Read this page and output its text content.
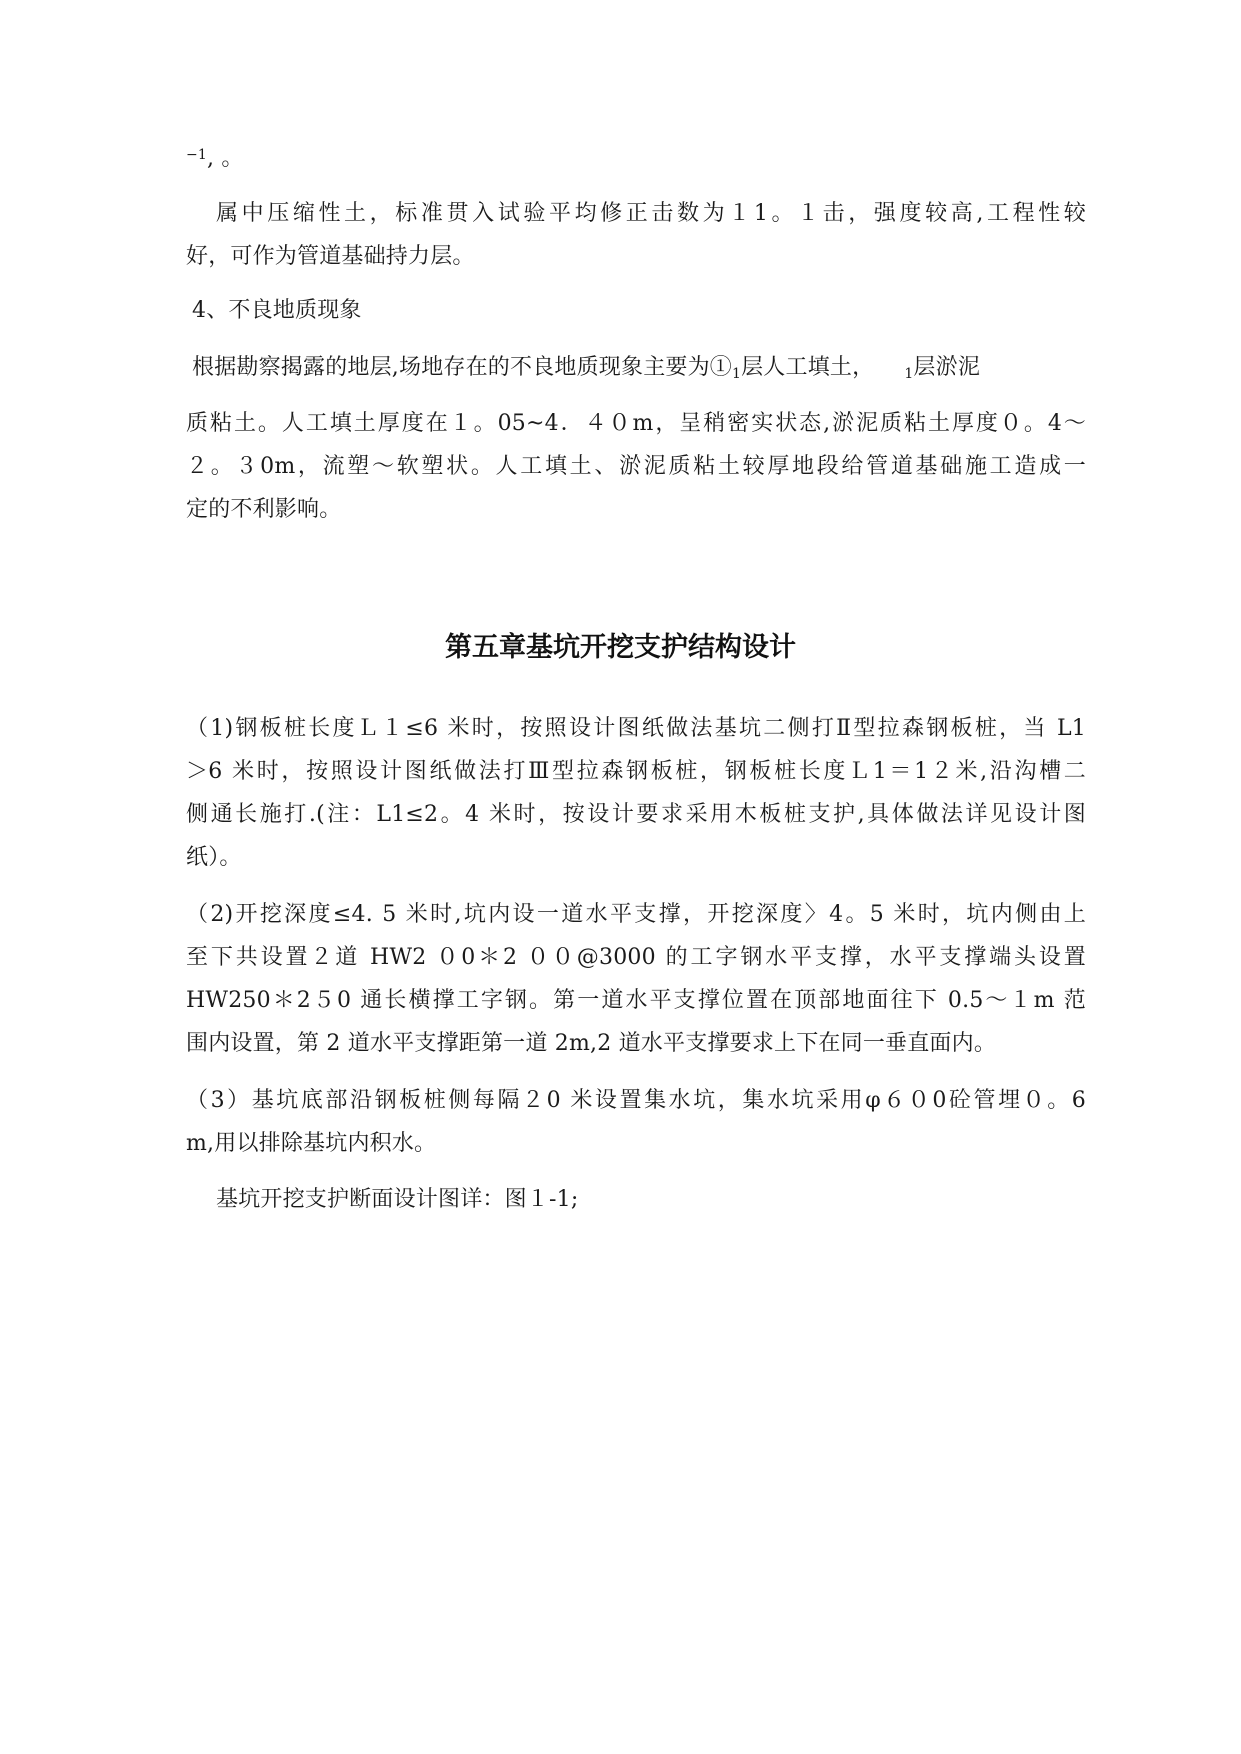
$^{-1}$, 。
属中压缩性土，标准贯入试验平均修正击数为１1。１击，强度较高,工程性较
好，可作为管道基础持力层。
4、不良地质现象
根据勘察揭露的地层,场地存在的不良地质现象主要为$①_1$层人工填土， $_1$层淤泥
质粘土。人工填土厚度在１。05~4．４０m，呈稍密实状态,淤泥质粘土厚度０。4～
２。３0m，流塑～软塑状。人工填土、淤泥质粘土较厚地段给管道基础施工造成一
定的不利影响。
第五章基坑开挖支护结构设计
（1)钢板桩长度Ｌ１≤6 米时，按照设计图纸做法基坑二侧打Ⅱ型拉森钢板桩，当 L1
＞6 米时，按照设计图纸做法打Ⅲ型拉森钢板桩，钢板桩长度Ｌ1＝1２米,沿沟槽二
侧通长施打.(注：L1≤2。4 米时，按设计要求采用木板桩支护,具体做法详见设计图
纸）。
（2)开挖深度≤4. 5 米时,坑内设一道水平支撑，开挖深度〉4。5 米时，坑内侧由上
至下共设置２道 HW2 ０0＊2 ００@3000 的工字钢水平支撑，水平支撑端头设置
HW250＊2５0 通长横撑工字钢。第一道水平支撑位置在顶部地面往下 0.5～１m 范
围内设置，第 2 道水平支撑距第一道 2m,2 道水平支撑要求上下在同一垂直面内。
（3）基坑底部沿钢板桩侧每隔２0 米设置集水坑，集水坑采用φ６０0砼管埋０。6
m,用以排除基坑内积水。
基坑开挖支护断面设计图详：图１-1;
